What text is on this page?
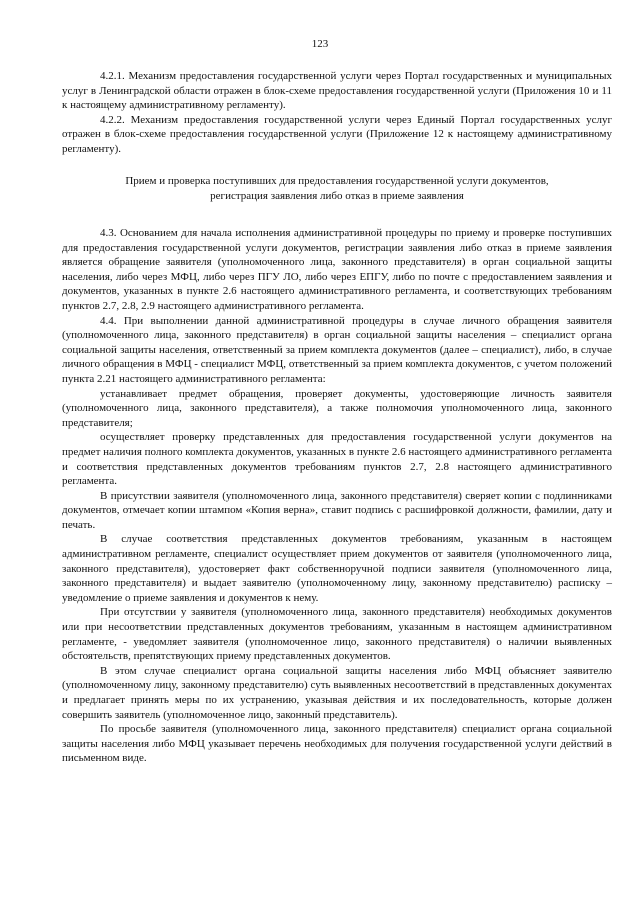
123

4.2.1. Механизм предоставления государственной услуги через Портал государственных и муниципальных услуг в Ленинградской области отражен в блок-схеме предоставления государственной услуги (Приложения 10 и 11 к настоящему административному регламенту).

4.2.2. Механизм предоставления государственной услуги через Единый Портал государственных услуг отражен в блок-схеме предоставления государственной услуги (Приложение 12 к настоящему административному регламенту).

Прием и проверка поступивших для предоставления государственной услуги документов,
регистрация заявления либо отказ в приеме заявления

4.3. Основанием для начала исполнения административной процедуры по приему и проверке поступивших для предоставления государственной услуги документов, регистрации заявления либо отказ в приеме заявления является обращение заявителя (уполномоченного лица, законного представителя) в орган социальной защиты населения, либо через МФЦ, либо через ПГУ ЛО, либо через ЕПГУ, либо по почте с предоставлением заявления и документов, указанных в пункте 2.6 настоящего административного регламента, и соответствующих требованиям пунктов 2.7, 2.8, 2.9 настоящего административного регламента.

4.4. При выполнении данной административной процедуры в случае личного обращения заявителя (уполномоченного лица, законного представителя) в орган социальной защиты населения – специалист органа социальной защиты населения, ответственный за прием комплекта документов (далее – специалист), либо, в случае личного обращения в МФЦ - специалист МФЦ, ответственный за прием комплекта документов, с учетом положений пункта 2.21 настоящего административного регламента:

устанавливает предмет обращения, проверяет документы, удостоверяющие личность заявителя (уполномоченного лица, законного представителя), а также полномочия уполномоченного лица, законного представителя;

осуществляет проверку представленных для предоставления государственной услуги документов на предмет наличия полного комплекта документов, указанных в пункте 2.6 настоящего административного регламента и соответствия представленных документов требованиям пунктов 2.7, 2.8 настоящего административного регламента.

В присутствии заявителя (уполномоченного лица, законного представителя) сверяет копии с подлинниками документов, отмечает копии штампом «Копия верна», ставит подпись с расшифровкой должности, фамилии, дату и печать.

В случае соответствия представленных документов требованиям, указанным в настоящем административном регламенте, специалист осуществляет прием документов от заявителя (уполномоченного лица, законного представителя), удостоверяет факт собственноручной подписи заявителя (уполномоченного лица, законного представителя) и выдает заявителю (уполномоченному лицу, законному представителю) расписку – уведомление о приеме заявления и документов к нему.

При отсутствии у заявителя (уполномоченного лица, законного представителя) необходимых документов или при несоответствии представленных документов требованиям, указанным в настоящем административном регламенте, - уведомляет заявителя (уполномоченное лицо, законного представителя) о наличии выявленных обстоятельств, препятствующих приему представленных документов.

В этом случае специалист органа социальной защиты населения либо МФЦ объясняет заявителю (уполномоченному лицу, законному представителю) суть выявленных несоответствий в представленных документах и предлагает принять меры по их устранению, указывая действия и их последовательность, которые должен совершить заявитель (уполномоченное лицо, законный представитель).

По просьбе заявителя (уполномоченного лица, законного представителя) специалист органа социальной защиты населения либо МФЦ указывает перечень необходимых для получения государственной услуги действий в письменном виде.
